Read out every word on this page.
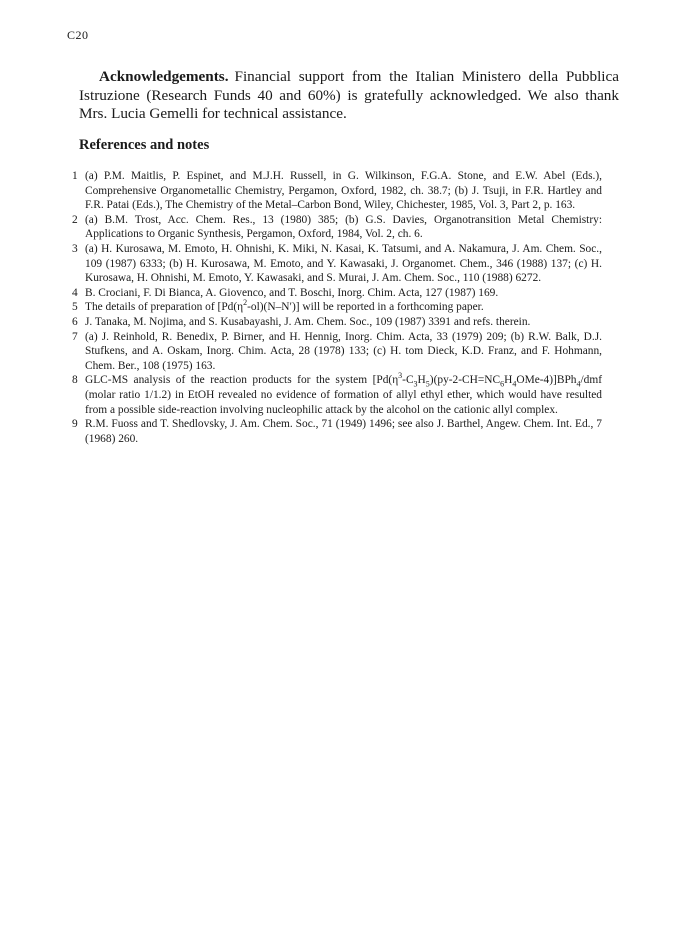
C20
Acknowledgements. Financial support from the Italian Ministero della Pubblica Istruzione (Research Funds 40 and 60%) is gratefully acknowledged. We also thank Mrs. Lucia Gemelli for technical assistance.
References and notes
1 (a) P.M. Maitlis, P. Espinet, and M.J.H. Russell, in G. Wilkinson, F.G.A. Stone, and E.W. Abel (Eds.), Comprehensive Organometallic Chemistry, Pergamon, Oxford, 1982, ch. 38.7; (b) J. Tsuji, in F.R. Hartley and F.R. Patai (Eds.), The Chemistry of the Metal–Carbon Bond, Wiley, Chichester, 1985, Vol. 3, Part 2, p. 163.
2 (a) B.M. Trost, Acc. Chem. Res., 13 (1980) 385; (b) G.S. Davies, Organotransition Metal Chemistry: Applications to Organic Synthesis, Pergamon, Oxford, 1984, Vol. 2, ch. 6.
3 (a) H. Kurosawa, M. Emoto, H. Ohnishi, K. Miki, N. Kasai, K. Tatsumi, and A. Nakamura, J. Am. Chem. Soc., 109 (1987) 6333; (b) H. Kurosawa, M. Emoto, and Y. Kawasaki, J. Organomet. Chem., 346 (1988) 137; (c) H. Kurosawa, H. Ohnishi, M. Emoto, Y. Kawasaki, and S. Murai, J. Am. Chem. Soc., 110 (1988) 6272.
4 B. Crociani, F. Di Bianca, A. Giovenco, and T. Boschi, Inorg. Chim. Acta, 127 (1987) 169.
5 The details of preparation of $[Pd(\eta^2-ol)(N-N')]$ will be reported in a forthcoming paper.
6 J. Tanaka, M. Nojima, and S. Kusabayashi, J. Am. Chem. Soc., 109 (1987) 3391 and refs. therein.
7 (a) J. Reinhold, R. Benedix, P. Birner, and H. Hennig, Inorg. Chim. Acta, 33 (1979) 209; (b) R.W. Balk, D.J. Stufkens, and A. Oskam, Inorg. Chim. Acta, 28 (1978) 133; (c) H. tom Dieck, K.D. Franz, and F. Hohmann, Chem. Ber., 108 (1975) 163.
8 GLC-MS analysis of the reaction products for the system $[Pd(\eta^3-C_3H_5)(py-2-CH=NC_6H_4OMe-4)]BPh_4$/dmf (molar ratio 1/1.2) in EtOH revealed no evidence of formation of allyl ethyl ether, which would have resulted from a possible side-reaction involving nucleophilic attack by the alcohol on the cationic allyl complex.
9 R.M. Fuoss and T. Shedlovsky, J. Am. Chem. Soc., 71 (1949) 1496; see also J. Barthel, Angew. Chem. Int. Ed., 7 (1968) 260.
